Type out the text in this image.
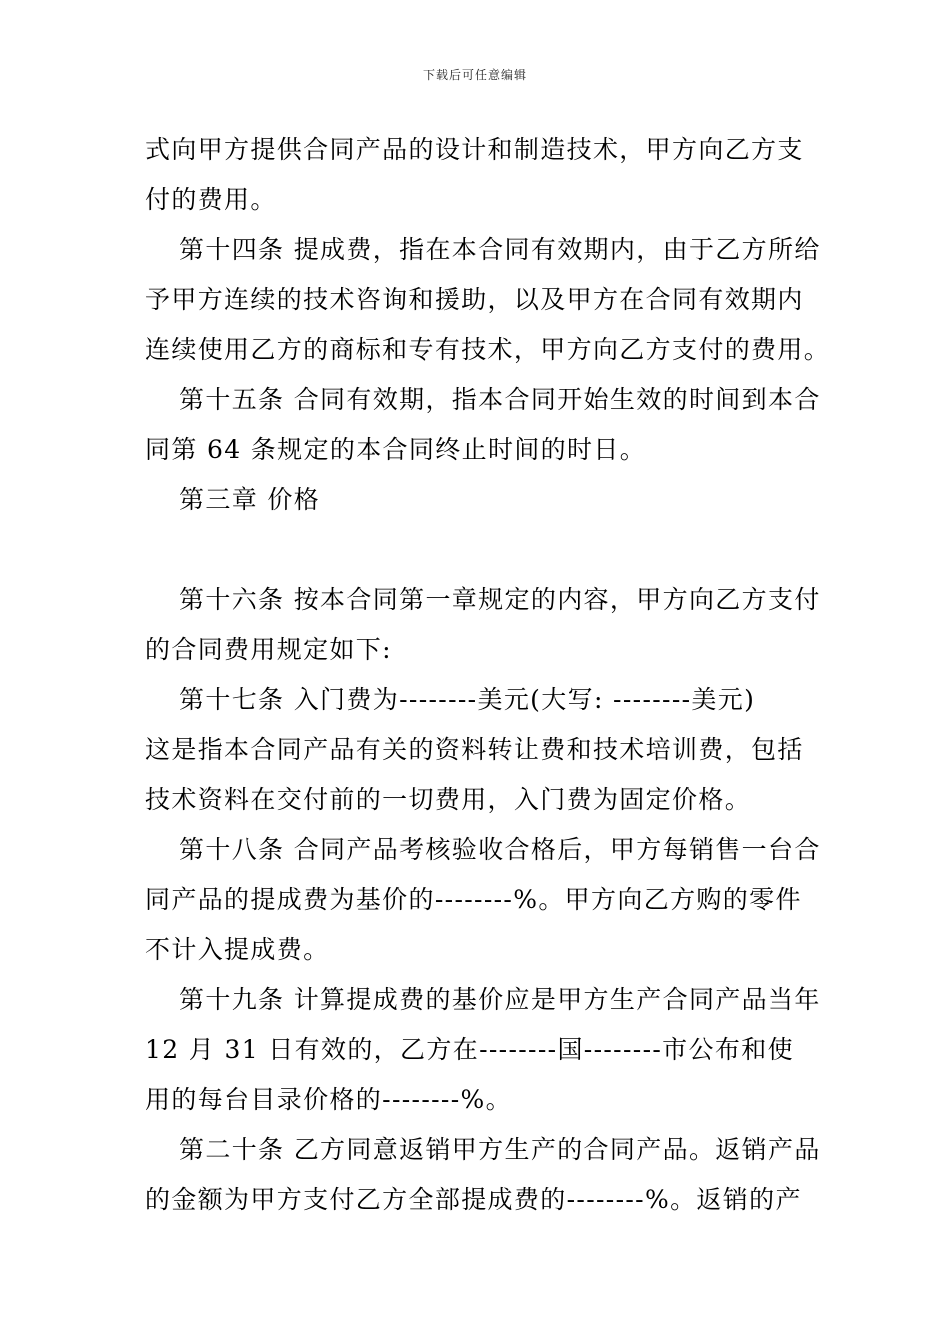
下载后可任意编辑
式向甲方提供合同产品的设计和制造技术，甲方向乙方支
付的费用。
第十四条 提成费，指在本合同有效期内，由于乙方所给
予甲方连续的技术咨询和援助，以及甲方在合同有效期内
连续使用乙方的商标和专有技术，甲方向乙方支付的费用。
第十五条 合同有效期，指本合同开始生效的时间到本合
同第 64 条规定的本合同终止时间的时日。
第三章 价格
第十六条 按本合同第一章规定的内容，甲方向乙方支付
的合同费用规定如下:
第十七条 入门费为--------美元(大写: --------美元)
这是指本合同产品有关的资料转让费和技术培训费，包括
技术资料在交付前的一切费用，入门费为固定价格。
第十八条 合同产品考核验收合格后，甲方每销售一台合
同产品的提成费为基价的--------%。甲方向乙方购的零件
不计入提成费。
第十九条 计算提成费的基价应是甲方生产合同产品当年
12 月 31 日有效的，乙方在--------国--------市公布和使
用的每台目录价格的--------%。
第二十条 乙方同意返销甲方生产的合同产品。返销产品
的金额为甲方支付乙方全部提成费的--------%。返销的产
